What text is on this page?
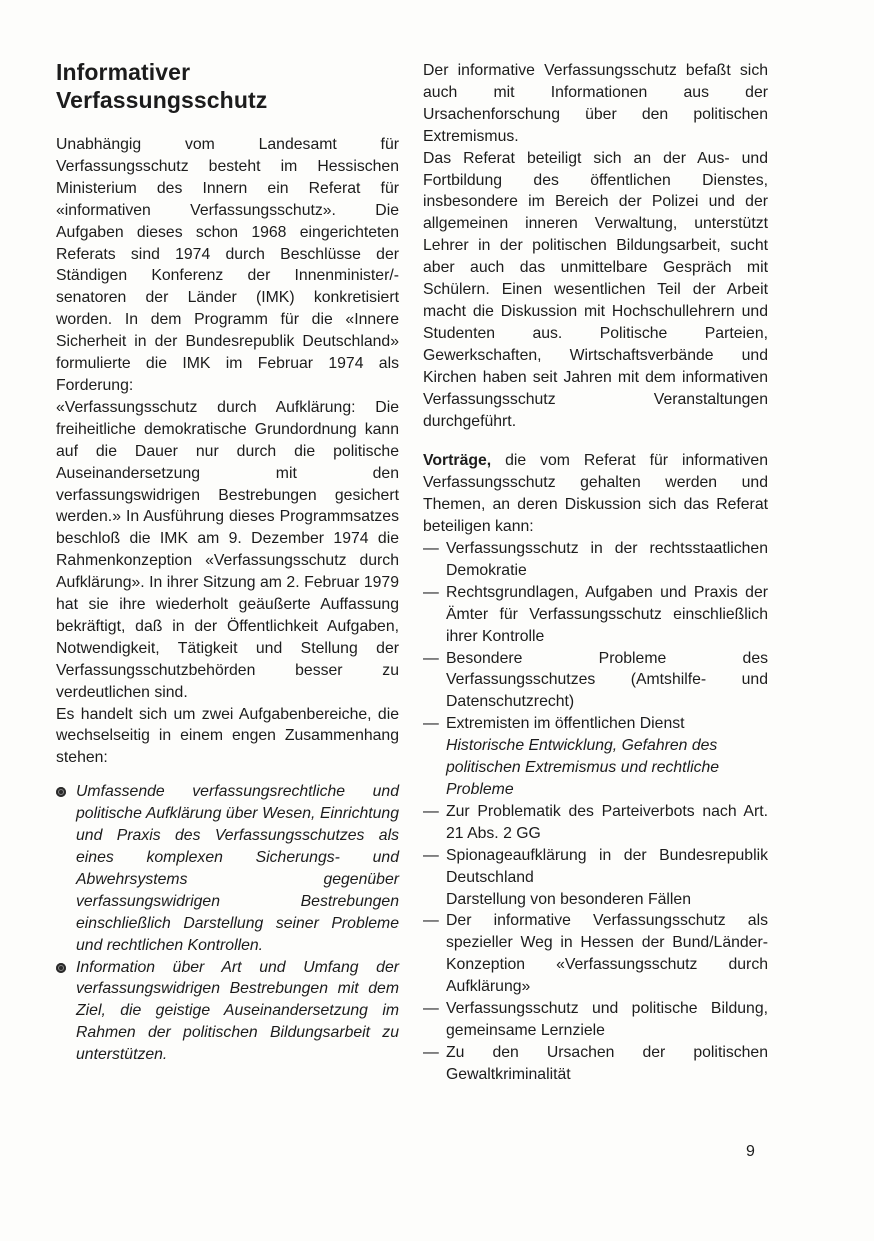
Informativer
Verfassungsschutz

Unabhängig vom Landesamt für Verfassungsschutz besteht im Hessischen Ministerium des Innern ein Referat für «informativen Verfassungsschutz». Die Aufgaben dieses schon 1968 eingerichteten Referats sind 1974 durch Beschlüsse der Ständigen Konferenz der Innenminister/-senatoren der Länder (IMK) konkretisiert worden. In dem Programm für die «Innere Sicherheit in der Bundesrepublik Deutschland» formulierte die IMK im Februar 1974 als Forderung:

«Verfassungsschutz durch Aufklärung: Die freiheitliche demokratische Grundordnung kann auf die Dauer nur durch die politische Auseinandersetzung mit den verfassungswidrigen Bestrebungen gesichert werden.» In Ausführung dieses Programmsatzes beschloß die IMK am 9. Dezember 1974 die Rahmenkonzeption «Verfassungsschutz durch Aufklärung». In ihrer Sitzung am 2. Februar 1979 hat sie ihre wiederholt geäußerte Auffassung bekräftigt, daß in der Öffentlichkeit Aufgaben, Notwendigkeit, Tätigkeit und Stellung der Verfassungsschutzbehörden besser zu verdeutlichen sind.

Es handelt sich um zwei Aufgabenbereiche, die wechselseitig in einem engen Zusammenhang stehen:

Umfassende verfassungsrechtliche und politische Aufklärung über Wesen, Einrichtung und Praxis des Verfassungsschutzes als eines komplexen Sicherungs- und Abwehrsystems gegenüber verfassungswidrigen Bestrebungen einschließlich Darstellung seiner Probleme und rechtlichen Kontrollen.
Information über Art und Umfang der verfassungswidrigen Bestrebungen mit dem Ziel, die geistige Auseinandersetzung im Rahmen der politischen Bildungsarbeit zu unterstützen.

Der informative Verfassungsschutz befaßt sich auch mit Informationen aus der Ursachenforschung über den politischen Extremismus.

Das Referat beteiligt sich an der Aus- und Fortbildung des öffentlichen Dienstes, insbesondere im Bereich der Polizei und der allgemeinen inneren Verwaltung, unterstützt Lehrer in der politischen Bildungsarbeit, sucht aber auch das unmittelbare Gespräch mit Schülern. Einen wesentlichen Teil der Arbeit macht die Diskussion mit Hochschullehrern und Studenten aus. Politische Parteien, Gewerkschaften, Wirtschaftsverbände und Kirchen haben seit Jahren mit dem informativen Verfassungsschutz Veranstaltungen durchgeführt.

Vorträge, die vom Referat für informativen Verfassungsschutz gehalten werden und Themen, an deren Diskussion sich das Referat beteiligen kann:

— Verfassungsschutz in der rechtsstaatlichen Demokratie
— Rechtsgrundlagen, Aufgaben und Praxis der Ämter für Verfassungsschutz einschließlich ihrer Kontrolle
— Besondere Probleme des Verfassungsschutzes (Amtshilfe- und Datenschutzrecht)
— Extremisten im öffentlichen Dienst
Historische Entwicklung, Gefahren des politischen Extremismus und rechtliche Probleme
— Zur Problematik des Parteiverbots nach Art. 21 Abs. 2 GG
— Spionageaufklärung in der Bundesrepublik Deutschland
Darstellung von besonderen Fällen
— Der informative Verfassungsschutz als spezieller Weg in Hessen der Bund/Länder-Konzeption «Verfassungsschutz durch Aufklärung»
— Verfassungsschutz und politische Bildung, gemeinsame Lernziele
— Zu den Ursachen der politischen Gewaltkriminalität
9
